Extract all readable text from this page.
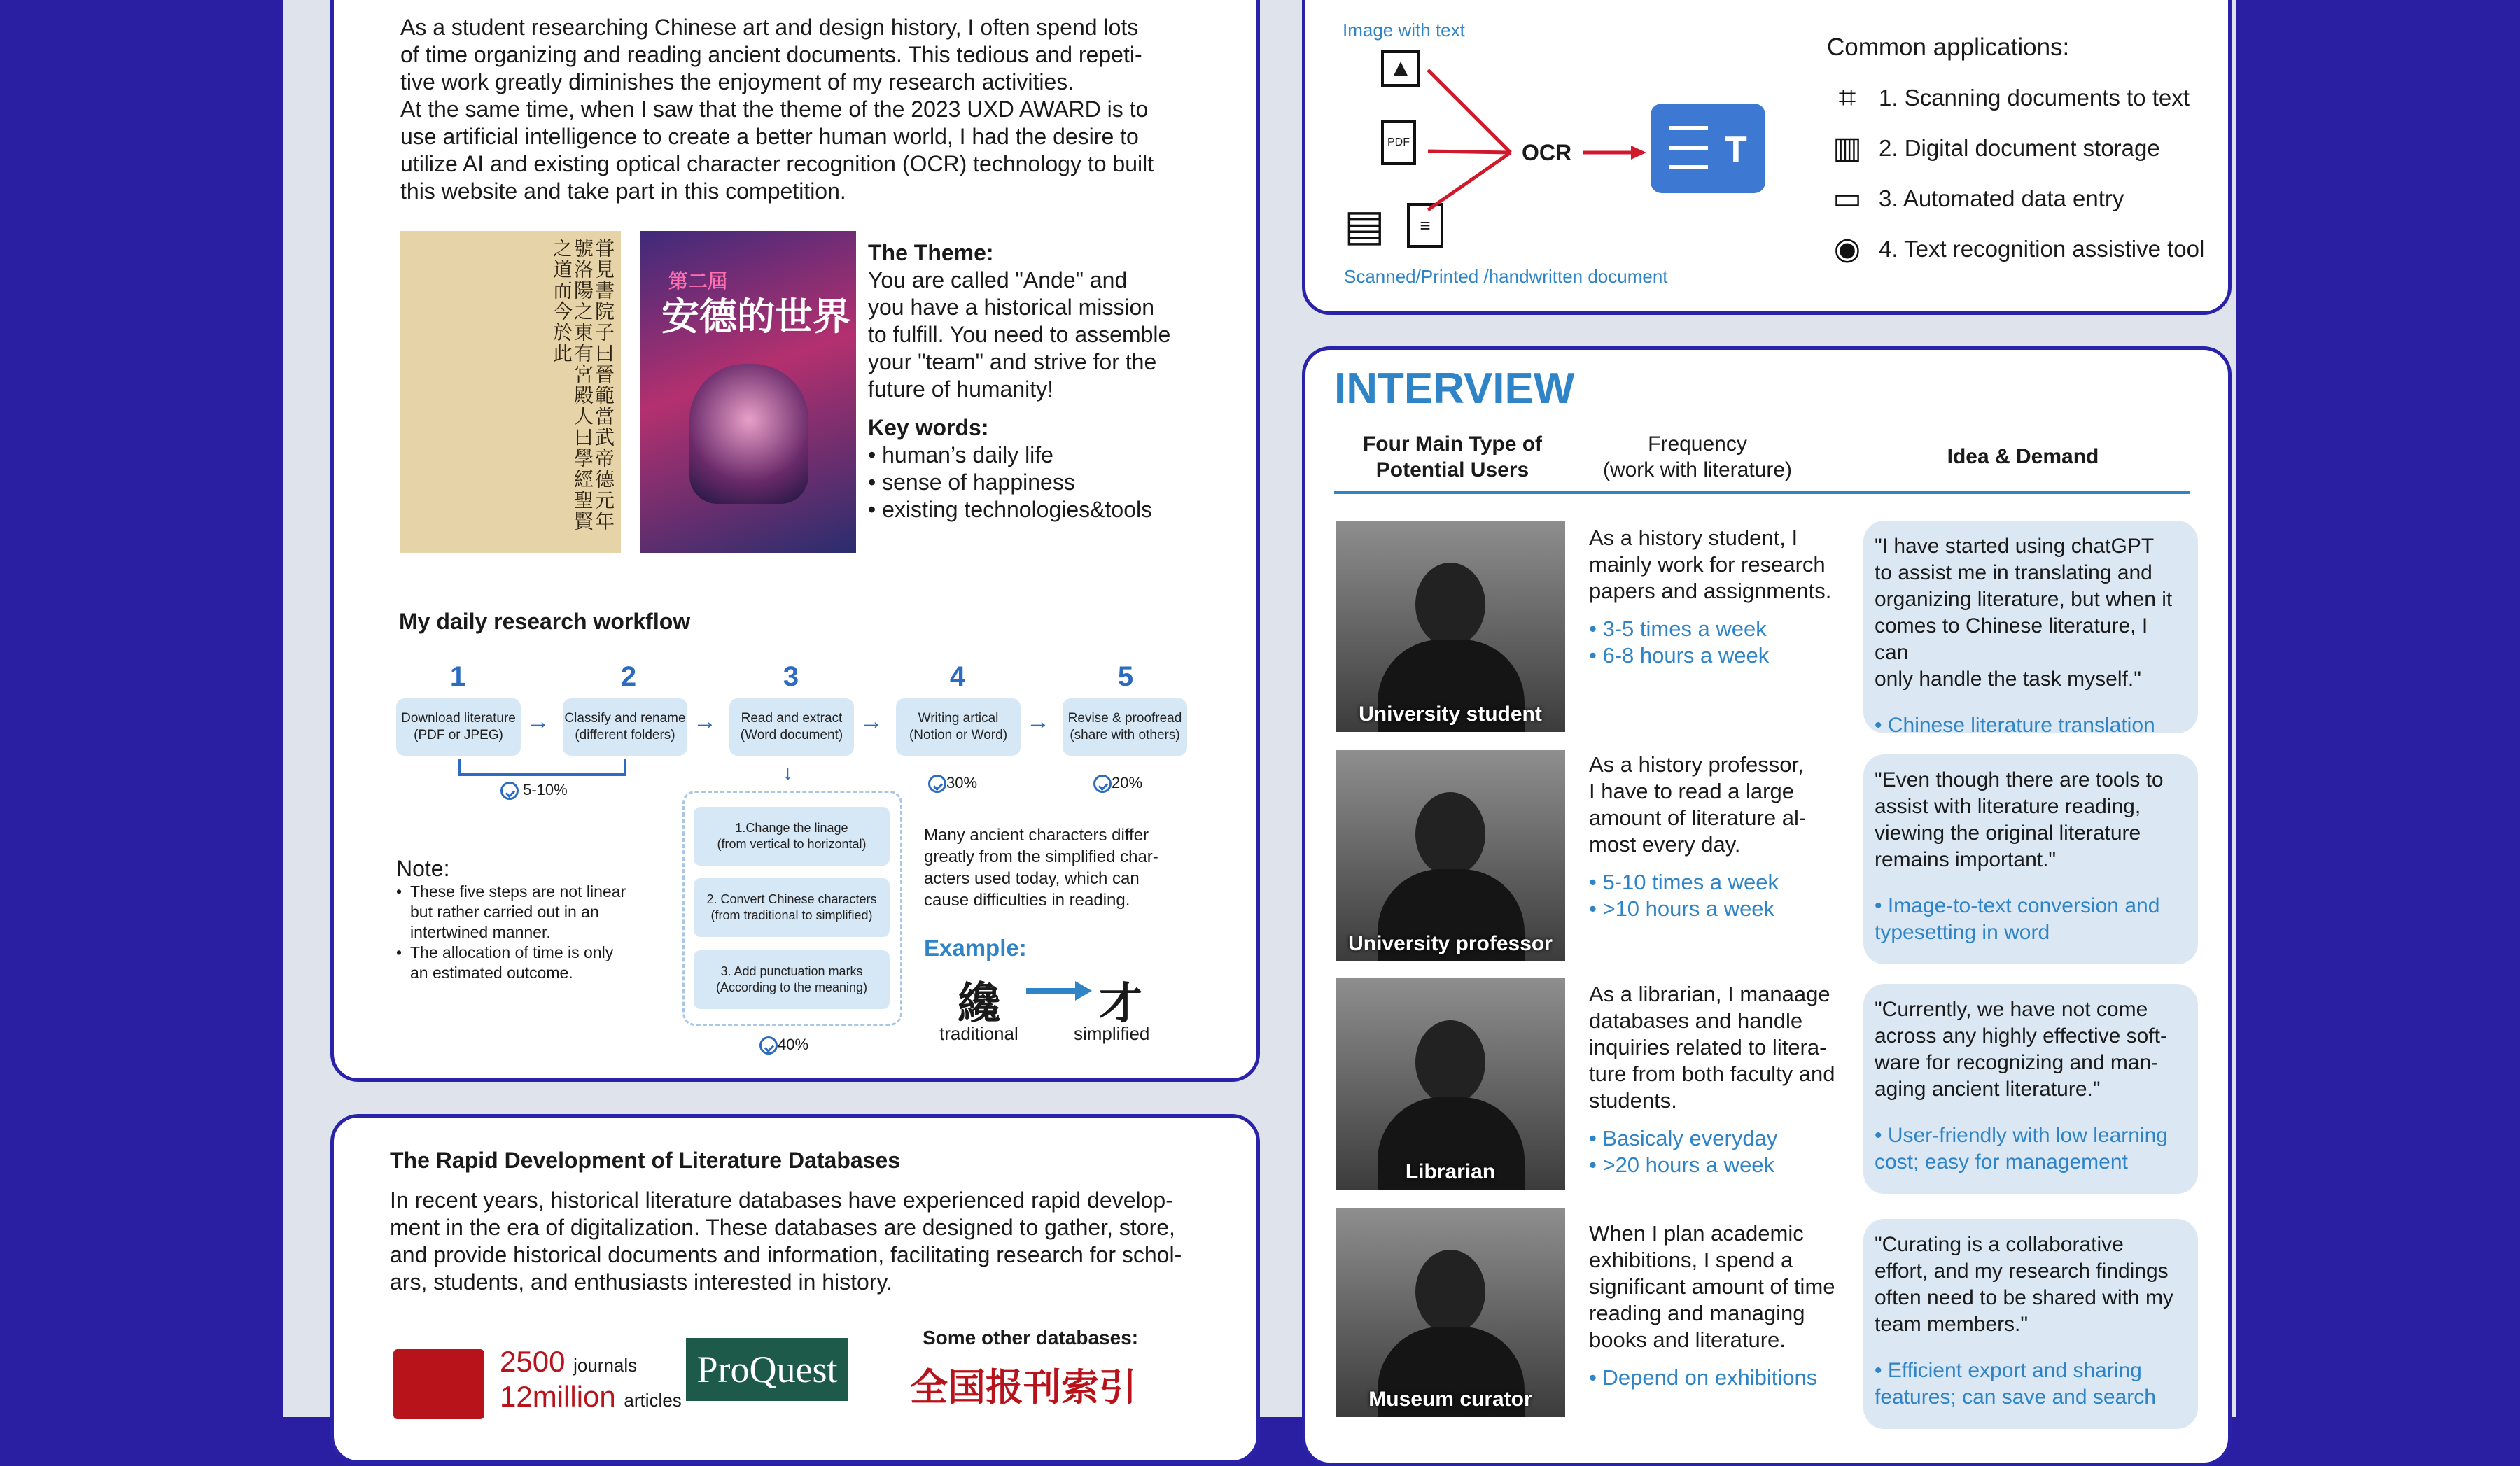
As a student researching Chinese art and design history, I often spend lots
of time organizing and reading ancient documents. This tedious and repeti-
tive work greatly diminishes the enjoyment of my research activities.
At the same time, when I saw that the theme of the 2023 UXD AWARD is to
use artificial intelligence to create a better human world, I had the desire to
utilize AI and existing optical character recognition (OCR) technology to built
this website and take part in this competition.
甞見書院子曰晉範當武帝德元年號洛陽之東有宮殿人曰學經聖賢之道而今於此	第二屆
安德的世界
The Theme:
You are called "Ande" and
you have a historical mission
to fulfill. You need to assemble
your "team" and strive for the
future of humanity!
Key words:
• human’s daily life
• sense of happiness
• existing technologies&tools
My daily research workflow
1	2	3	4	5
Download literature
(PDF or JPEG)
→ Classify and rename
(different folders)
→	Read and extract
(Word document)
→	Writing artical
(Notion or Word)
→	Revise & proofread
(share with others)
5-10%	30%	20%
↓
1.Change the linage
(from vertical to horizontal)
2. Convert Chinese characters
(from traditional to simplified)
3. Add punctuation marks
(According to the meaning)
40%
Note:
• These five steps are not linear
but rather carried out in an
intertwined manner.
• The allocation of time is only
an estimated outcome.
Many ancient characters differ
greatly from the simplified char-
acters used today, which can
cause difficulties in reading.
Example:
纔 才
traditional	simplified
The Rapid Development of Literature Databases
In recent years, historical literature databases have experienced rapid develop-
ment in the era of digitalization. These databases are designed to gather, store,
and provide historical documents and information, facilitating research for schol-
ars, students, and enthusiasts interested in history.
2500 journals
12million articles
ProQuest
Some other databases:
全国报刊索引
Image with text
▲
PDF
▤	≡
OCR	T
Scanned/Printed /handwritten document
Common applications:
⌗ 1. Scanning documents to text
▥ 2. Digital document storage
▭ 3. Automated data entry
◉ 4. Text recognition assistive tool
INTERVIEW
Four Main Type of
Potential Users
Frequency
(work with literature)
Idea & Demand
University student
As a history student, I
mainly work for research
papers and assignments.
• 3-5 times a week
• 6-8 hours a week
"I have started using chatGPT
to assist me in translating and
organizing literature, but when it
comes to Chinese literature, I can
only handle the task myself."
• Chinese literature translation
University professor
As a history professor,
I have to read a large
amount of literature al-
most every day.
• 5-10 times a week
• >10 hours a week
"Even though there are tools to
assist with literature reading,
viewing the original literature
remains important."
• Image-to-text conversion and
typesetting in word
Librarian
As a librarian, I manaage
databases and handle
inquiries related to litera-
ture from both faculty and
students.
• Basicaly everyday
• >20 hours a week
"Currently, we have not come
across any highly effective soft-
ware for recognizing and man-
aging ancient literature."
• User-friendly with low learning
cost; easy for management
Museum curator
When I plan academic
exhibitions, I spend a
significant amount of time
reading and managing
books and literature.
• Depend on exhibitions
"Curating is a collaborative
effort, and my research findings
often need to be shared with my
team members."
• Efficient export and sharing
features; can save and search
